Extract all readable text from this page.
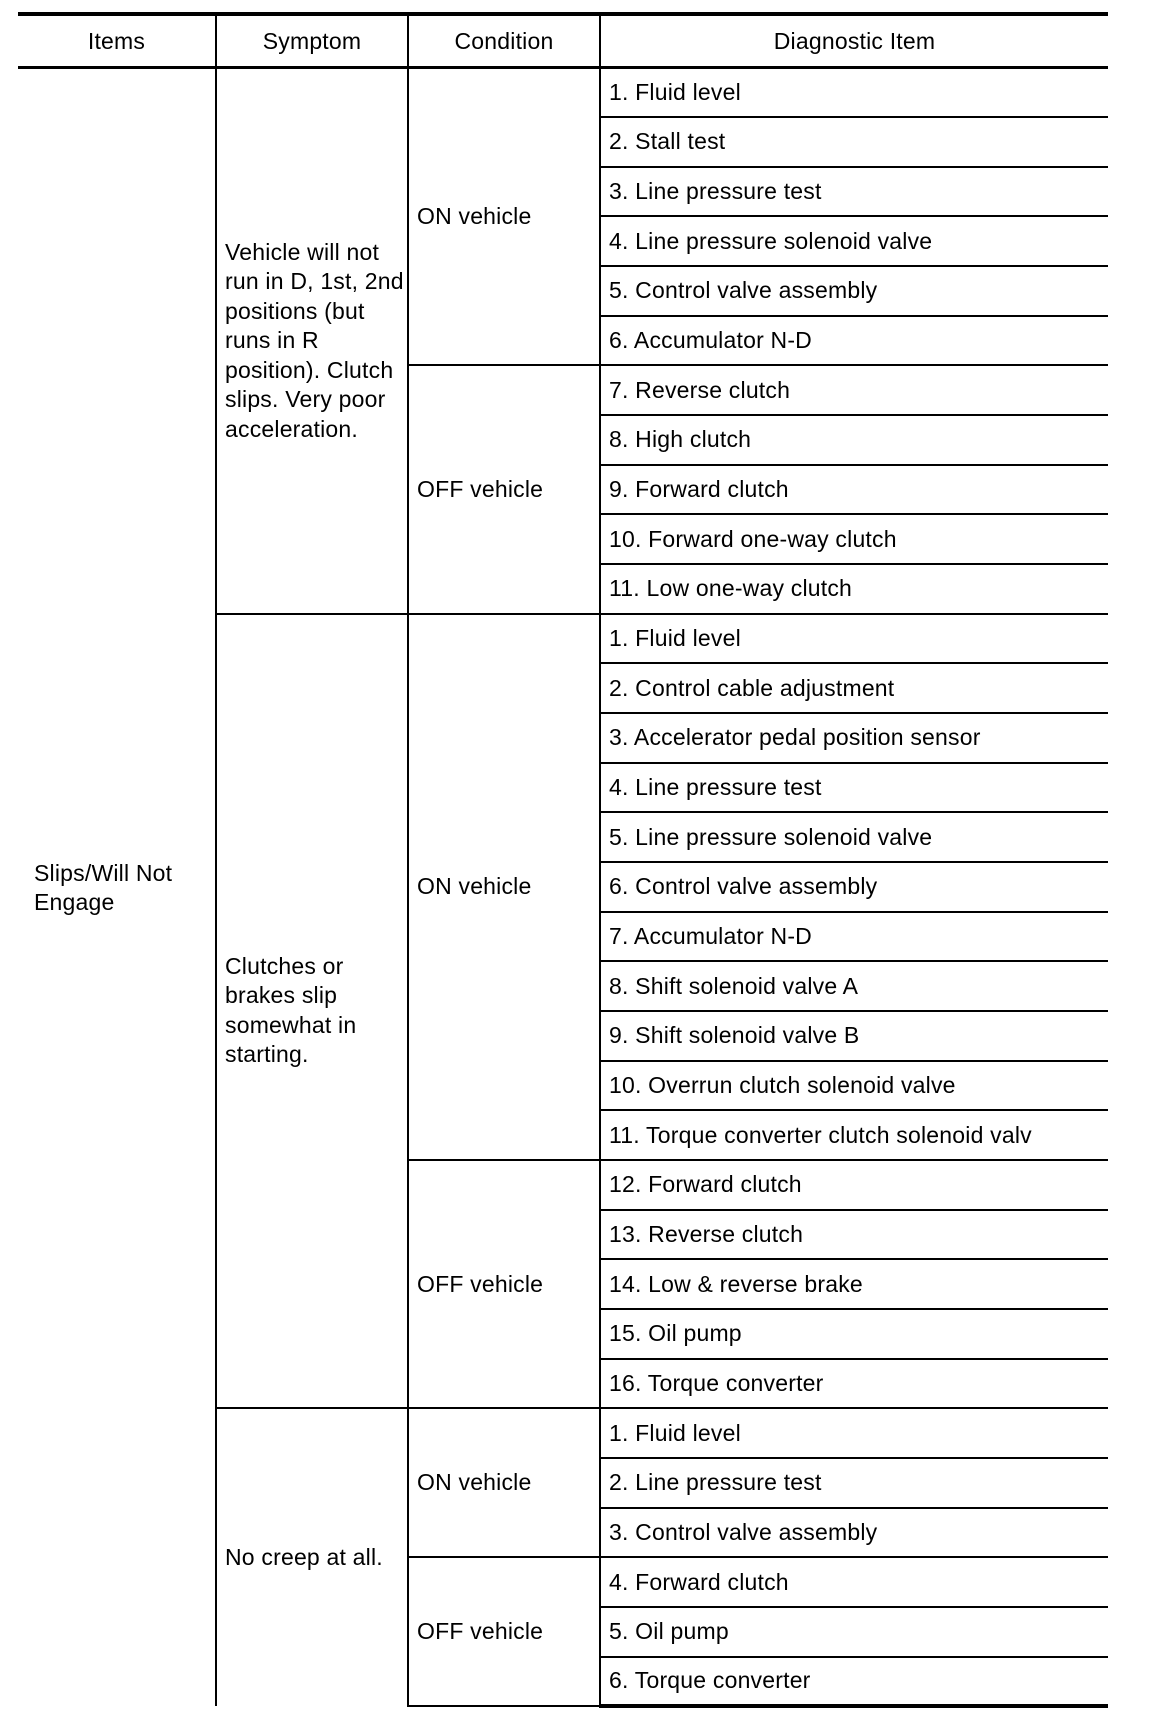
Items	Symptom	Condition	Diagnostic Item
Slips/Will Not Engage	Vehicle will not run in D, 1st, 2nd positions (but runs in R position). Clutch slips. Very poor acceleration.	ON vehicle	1. Fluid level
			2. Stall test
			3. Line pressure test
			4. Line pressure solenoid valve
			5. Control valve assembly
			6. Accumulator N-D
		OFF vehicle	7. Reverse clutch
			8. High clutch
			9. Forward clutch
			10. Forward one-way clutch
			11. Low one-way clutch
	Clutches or brakes slip somewhat in starting.	ON vehicle	1. Fluid level
			2. Control cable adjustment
			3. Accelerator pedal position sensor
			4. Line pressure test
			5. Line pressure solenoid valve
			6. Control valve assembly
			7. Accumulator N-D
			8. Shift solenoid valve A
			9. Shift solenoid valve B
			10. Overrun clutch solenoid valve
			11. Torque converter clutch solenoid valv
		OFF vehicle	12. Forward clutch
			13. Reverse clutch
			14. Low & reverse brake
			15. Oil pump
			16. Torque converter
	No creep at all.	ON vehicle	1. Fluid level
			2. Line pressure test
			3. Control valve assembly
		OFF vehicle	4. Forward clutch
			5. Oil pump
			6. Torque converter
